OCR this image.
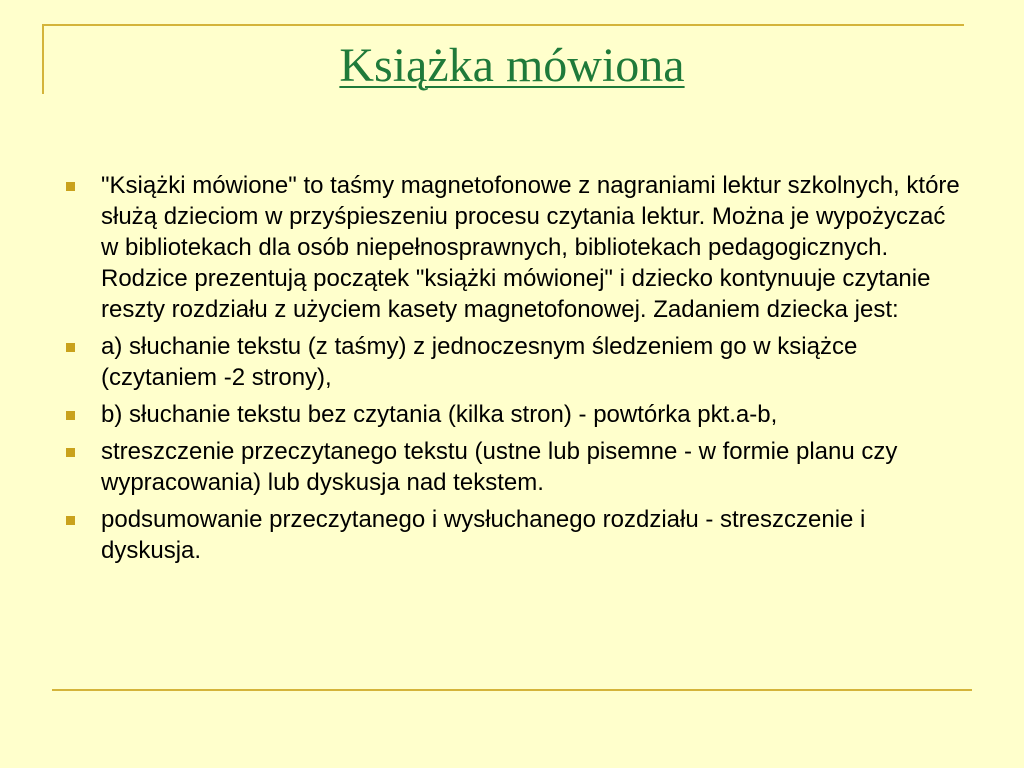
Książka mówiona
"Książki mówione" to taśmy magnetofonowe z nagraniami lektur szkolnych, które służą dzieciom w przyśpieszeniu procesu czytania lektur. Można je wypożyczać w bibliotekach dla osób niepełnosprawnych, bibliotekach pedagogicznych. Rodzice prezentują początek "książki mówionej" i dziecko kontynuuje czytanie reszty rozdziału z użyciem kasety magnetofonowej. Zadaniem dziecka jest:
a) słuchanie tekstu (z taśmy) z jednoczesnym śledzeniem go w książce (czytaniem -2 strony),
b) słuchanie tekstu bez czytania (kilka stron) - powtórka pkt.a-b,
streszczenie przeczytanego tekstu (ustne lub pisemne - w formie planu czy wypracowania) lub dyskusja nad tekstem.
podsumowanie przeczytanego i wysłuchanego rozdziału - streszczenie i dyskusja.
